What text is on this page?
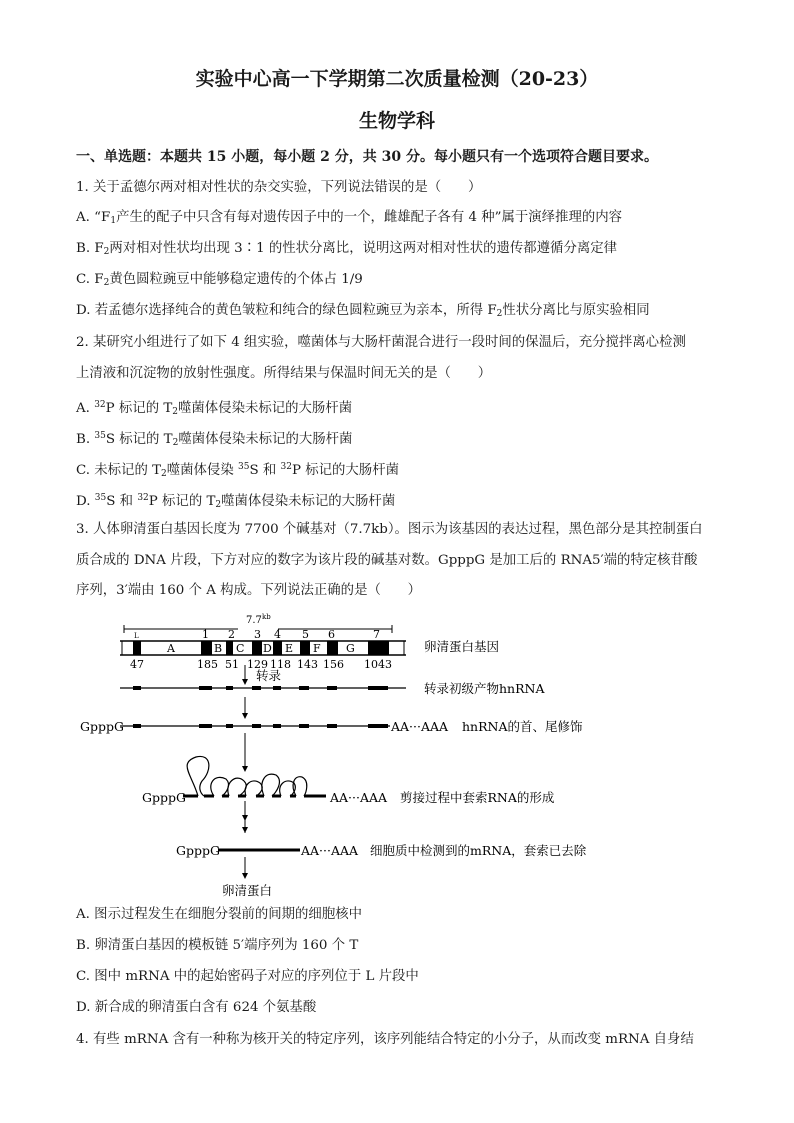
实验中心高一下学期第二次质量检测（20-23）
生物学科
一、单选题：本题共 15 小题，每小题 2 分，共 30 分。每小题只有一个选项符合题目要求。
1. 关于孟德尔两对相对性状的杂交实验，下列说法错误的是（　　）
A. “$F_1$产生的配子中只含有每对遗传因子中的一个，雌雄配子各有 4 种”属于演绎推理的内容
B. $F_2$两对相对性状均出现 3∶1 的性状分离比，说明这两对相对性状的遗传都遵循分离定律
C. $F_2$黄色圆粒豌豆中能够稳定遗传的个体占 1/9
D. 若孟德尔选择纯合的黄色皱粒和纯合的绿色圆粒豌豆为亲本，所得 $F_2$性状分离比与原实验相同
2. 某研究小组进行了如下 4 组实验，噬菌体与大肠杆菌混合进行一段时间的保温后，充分搅拌离心检测
上清液和沉淀物的放射性强度。所得结果与保温时间无关的是（　　）
A. $^{32}$P 标记的 $T_2$噬菌体侵染未标记的大肠杆菌
B. $^{35}$S 标记的 $T_2$噬菌体侵染未标记的大肠杆菌
C. 未标记的 $T_2$噬菌体侵染 $^{35}$S 和 $^{32}$P 标记的大肠杆菌
D. $^{35}$S 和 $^{32}$P 标记的 $T_2$噬菌体侵染未标记的大肠杆菌
3. 人体卵清蛋白基因长度为 7700 个碱基对（7.7kb）。图示为该基因的表达过程，黑色部分是其控制蛋白
质合成的 DNA 片段，下方对应的数字为该片段的碱基对数。GpppG 是加工后的 RNA5′端的特定核苷酸
序列，3′端由 160 个 A 构成。下列说法正确的是（　　）
7.7 kb
L	1 2 3 4 5 6	7
A	B C D E F G
47	185 51 129 118 143 156 1043
卵清蛋白基因
转录
转录初级产物hnRNA
GpppG	AA···AAA hnRNA的首、尾修饰
GpppG	AA···AAA 剪接过程中套索RNA的形成
GpppG	AA···AAA 细胞质中检测到的mRNA，套索已去除
卵清蛋白
A. 图示过程发生在细胞分裂前的间期的细胞核中
B. 卵清蛋白基因的模板链 5′端序列为 160 个 T
C. 图中 mRNA 中的起始密码子对应的序列位于 L 片段中
D. 新合成的卵清蛋白含有 624 个氨基酸
4. 有些 mRNA 含有一种称为核开关的特定序列，该序列能结合特定的小分子，从而改变 mRNA 自身结
